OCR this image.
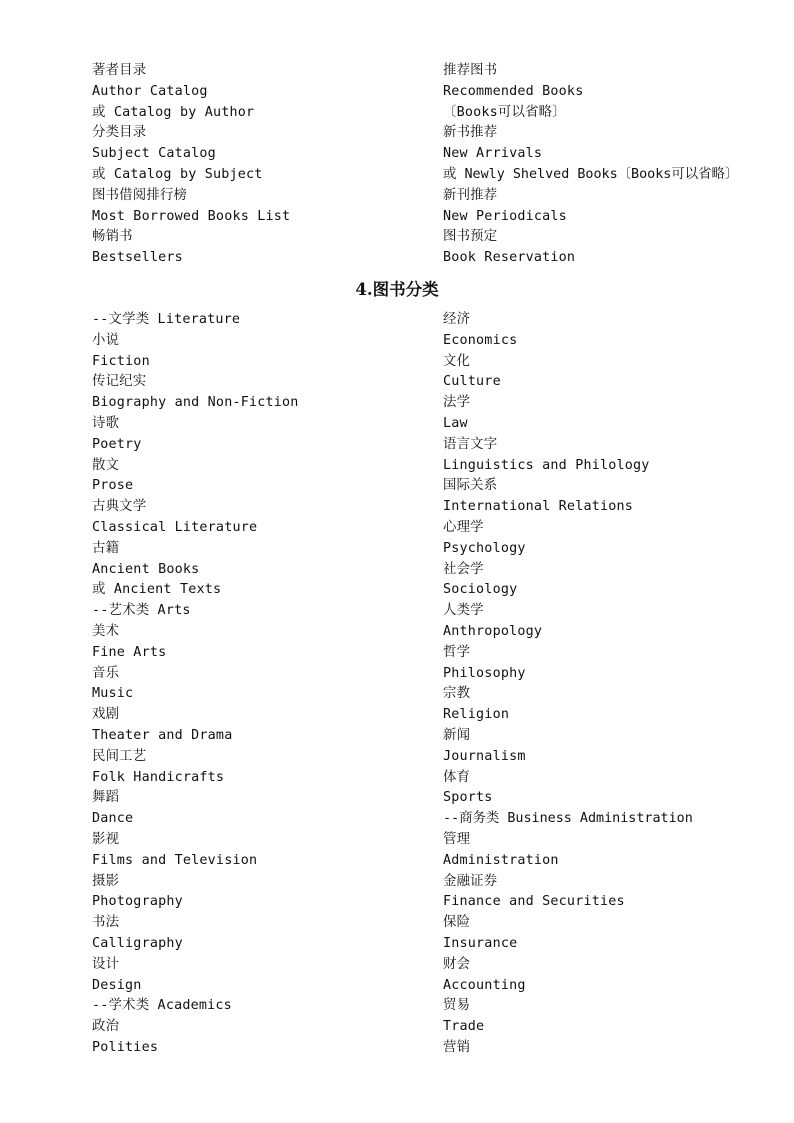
著者目录
Author Catalog
或 Catalog by Author
分类目录
Subject Catalog
或 Catalog by Subject
图书借阅排行榜
Most Borrowed Books List
畅销书
Bestsellers
推荐图书
Recommended Books
〔Books可以省略〕
新书推荐
New Arrivals
或 Newly Shelved Books〔Books可以省略〕
新刊推荐
New Periodicals
图书预定
Book Reservation
4.图书分类
--文学类 Literature
小说
Fiction
传记纪实
Biography and Non-Fiction
诗歌
Poetry
散文
Prose
古典文学
Classical Literature
古籍
Ancient Books
或 Ancient Texts
--艺术类 Arts
美术
Fine Arts
音乐
Music
戏剧
Theater and Drama
民间工艺
Folk Handicrafts
舞蹈
Dance
影视
Films and Television
摄影
Photography
书法
Calligraphy
设计
Design
--学术类 Academics
政治
Polities
经济
Economics
文化
Culture
法学
Law
语言文字
Linguistics and Philology
国际关系
International Relations
心理学
Psychology
社会学
Sociology
人类学
Anthropology
哲学
Philosophy
宗教
Religion
新闻
Journalism
体育
Sports
--商务类 Business Administration
管理
Administration
金融证券
Finance and Securities
保险
Insurance
财会
Accounting
贸易
Trade
营销
